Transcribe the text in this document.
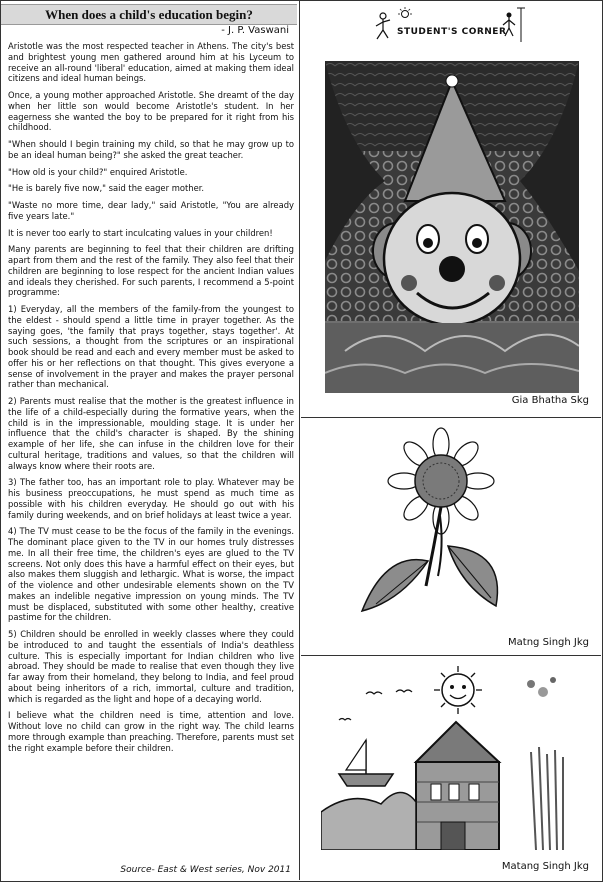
When does a child's education begin?
- J. P. Vaswani

Aristotle was the most respected teacher in Athens. The city's best and brightest young men gathered around him at his Lyceum to receive an all-round 'liberal' education, aimed at making them ideal citizens and ideal human beings.

Once, a young mother approached Aristotle. She dreamt of the day when her little son would become Aristotle's student. In her eagerness she wanted the boy to be prepared for it right from his childhood.

"When should I begin training my child, so that he may grow up to be an ideal human being?" she asked the great teacher.

"How old is your child?" enquired Aristotle.

"He is barely five now," said the eager mother.

"Waste no more time, dear lady," said Aristotle, "You are already five years late."

It is never too early to start inculcating values in your children!

Many parents are beginning to feel that their children are drifting apart from them and the rest of the family. They also feel that their children are beginning to lose respect for the ancient Indian values and ideals they cherished. For such parents, I recommend a 5-point programme:

1) Everyday, all the members of the family-from the youngest to the eldest - should spend a little time in prayer together. As the saying goes, 'the family that prays together, stays together'. At such sessions, a thought from the scriptures or an inspirational book should be read and each and every member must be asked to offer his or her reflections on that thought. This gives everyone a sense of involvement in the prayer and makes the prayer personal rather than mechanical.

2) Parents must realise that the mother is the greatest influence in the life of a child-especially during the formative years, when the child is in the impressionable, moulding stage. It is under her influence that the child's character is shaped. By the shining example of her life, she can infuse in the children love for their cultural heritage, traditions and values, so that the children will always know where their roots are.

3) The father too, has an important role to play. Whatever may be his business preoccupations, he must spend as much time as possible with his children everyday. He should go out with his family during weekends, and on brief holidays at least twice a year.

4) The TV must cease to be the focus of the family in the evenings. The dominant place given to the TV in our homes truly distresses me. In all their free time, the children's eyes are glued to the TV screens. Not only does this have a harmful effect on their eyes, but also makes them sluggish and lethargic. What is worse, the impact of the violence and other undesirable elements shown on the TV makes an indelible negative impression on young minds. The TV must be displaced, substituted with some other healthy, creative pastime for the children.

5) Children should be enrolled in weekly classes where they could be introduced to and taught the essentials of India's deathless culture. This is especially important for Indian children who live abroad. They should be made to realise that even though they live far away from their homeland, they belong to India, and feel proud about being inheritors of a rich, immortal, culture and tradition, which is regarded as the light and hope of a decaying world.

I believe what the children need is time, attention and love. Without love no child can grow in the right way. The child learns more through example than preaching. Therefore, parents must set the right example before their children.

Source- East & West series, Nov 2011
STUDENT'S CORNER
Gia Bhatha Skg
Matng Singh Jkg
Matang Singh Jkg
